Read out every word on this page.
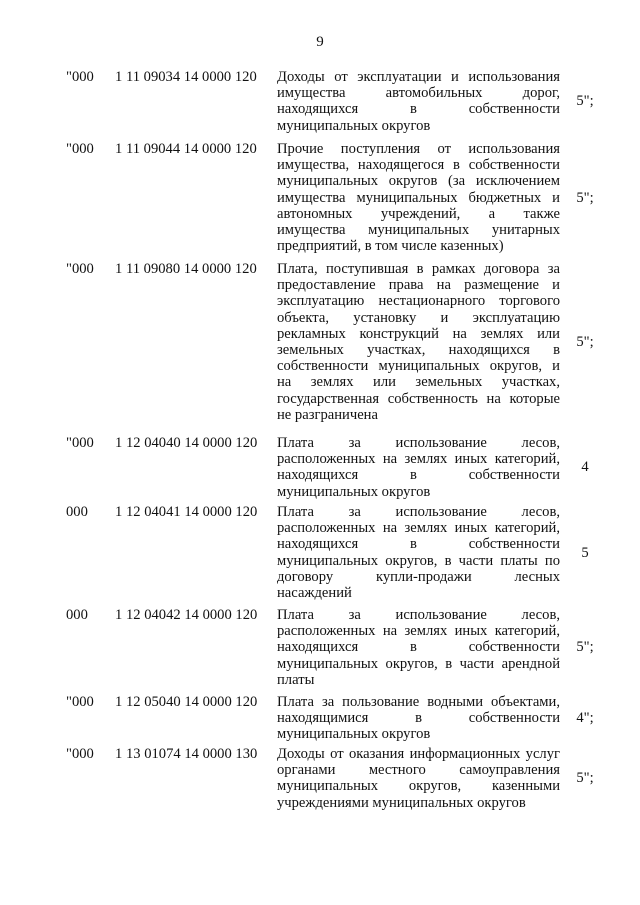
9
"000 1 11 09034 14 0000 120 Доходы от эксплуатации и использования
имущества автомобильных дорог,
находящихся в собственности
муниципальных округов
5";
"000 1 11 09044 14 0000 120 Прочие поступления от использования
имущества, находящегося в собственности
муниципальных округов (за исключением
имущества муниципальных бюджетных и
автономных учреждений, а также
имущества муниципальных унитарных
предприятий, в том числе казенных)
5";
"000 1 11 09080 14 0000 120 Плата, поступившая в рамках договора за
предоставление права на размещение и
эксплуатацию нестационарного торгового
объекта, установку и эксплуатацию
рекламных конструкций на землях или
земельных участках, находящихся в
собственности муниципальных округов, и
на землях или земельных участках,
государственная собственность на которые
не разграничена
5";
"000 1 12 04040 14 0000 120 Плата за использование лесов,
расположенных на землях иных категорий,
находящихся в собственности
муниципальных округов
4
000 1 12 04041 14 0000 120 Плата за использование лесов,
расположенных на землях иных категорий,
находящихся в собственности
муниципальных округов, в части платы по
договору купли-продажи лесных
насаждений
5
000 1 12 04042 14 0000 120 Плата за использование лесов,
расположенных на землях иных категорий,
находящихся в собственности
муниципальных округов, в части арендной
платы
5";
"000 1 12 05040 14 0000 120 Плата за пользование водными объектами,
находящимися в собственности
муниципальных округов
4";
"000 1 13 01074 14 0000 130 Доходы от оказания информационных услуг
органами местного самоуправления
муниципальных округов, казенными
учреждениями муниципальных округов
5";
